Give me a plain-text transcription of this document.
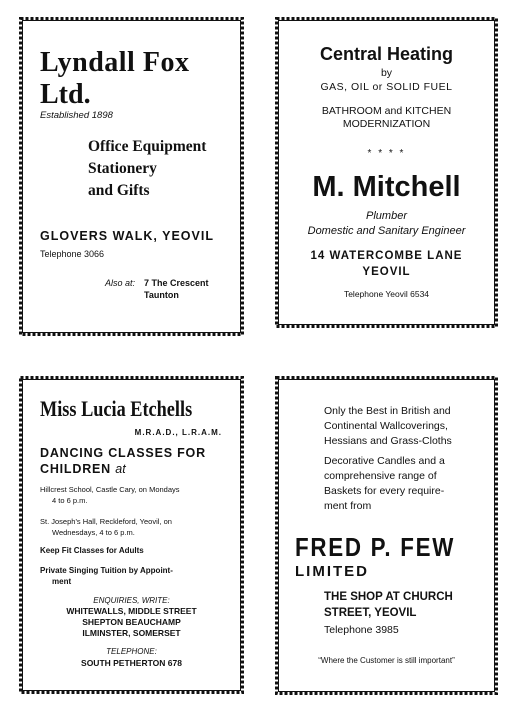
Lyndall Fox
Ltd.
Established 1898
Office Equipment
Stationery
and Gifts
GLOVERS WALK, YEOVIL
Telephone 3066
Also at: 7 The Crescent
Taunton
Central Heating
by
GAS, OIL or SOLID FUEL
BATHROOM and KITCHEN
MODERNIZATION
* * * *
M. Mitchell
Plumber
Domestic and Sanitary Engineer
14 WATERCOMBE LANE
YEOVIL
Telephone Yeovil 6534
Miss Lucia Etchells
M.R.A.D., L.R.A.M.
DANCING CLASSES FOR
CHILDREN at
Hillcrest School, Castle Cary, on Mondays
4 to 6 p.m.
St. Joseph's Hall, Reckleford, Yeovil, on
Wednesdays, 4 to 6 p.m.
Keep Fit Classes for Adults
Private Singing Tuition by Appoint-
ment
ENQUIRIES, WRITE:
WHITEWALLS, MIDDLE STREET
SHEPTON BEAUCHAMP
ILMINSTER, SOMERSET
TELEPHONE:
SOUTH PETHERTON 678
Only the Best in British and
Continental Wallcoverings,
Hessians and Grass-Cloths
Decorative Candles and a
comprehensive range of
Baskets for every require-
ment from
FRED P. FEW
LIMITED
THE SHOP AT CHURCH
STREET, YEOVIL
Telephone 3985
“Where the Customer is still important”
